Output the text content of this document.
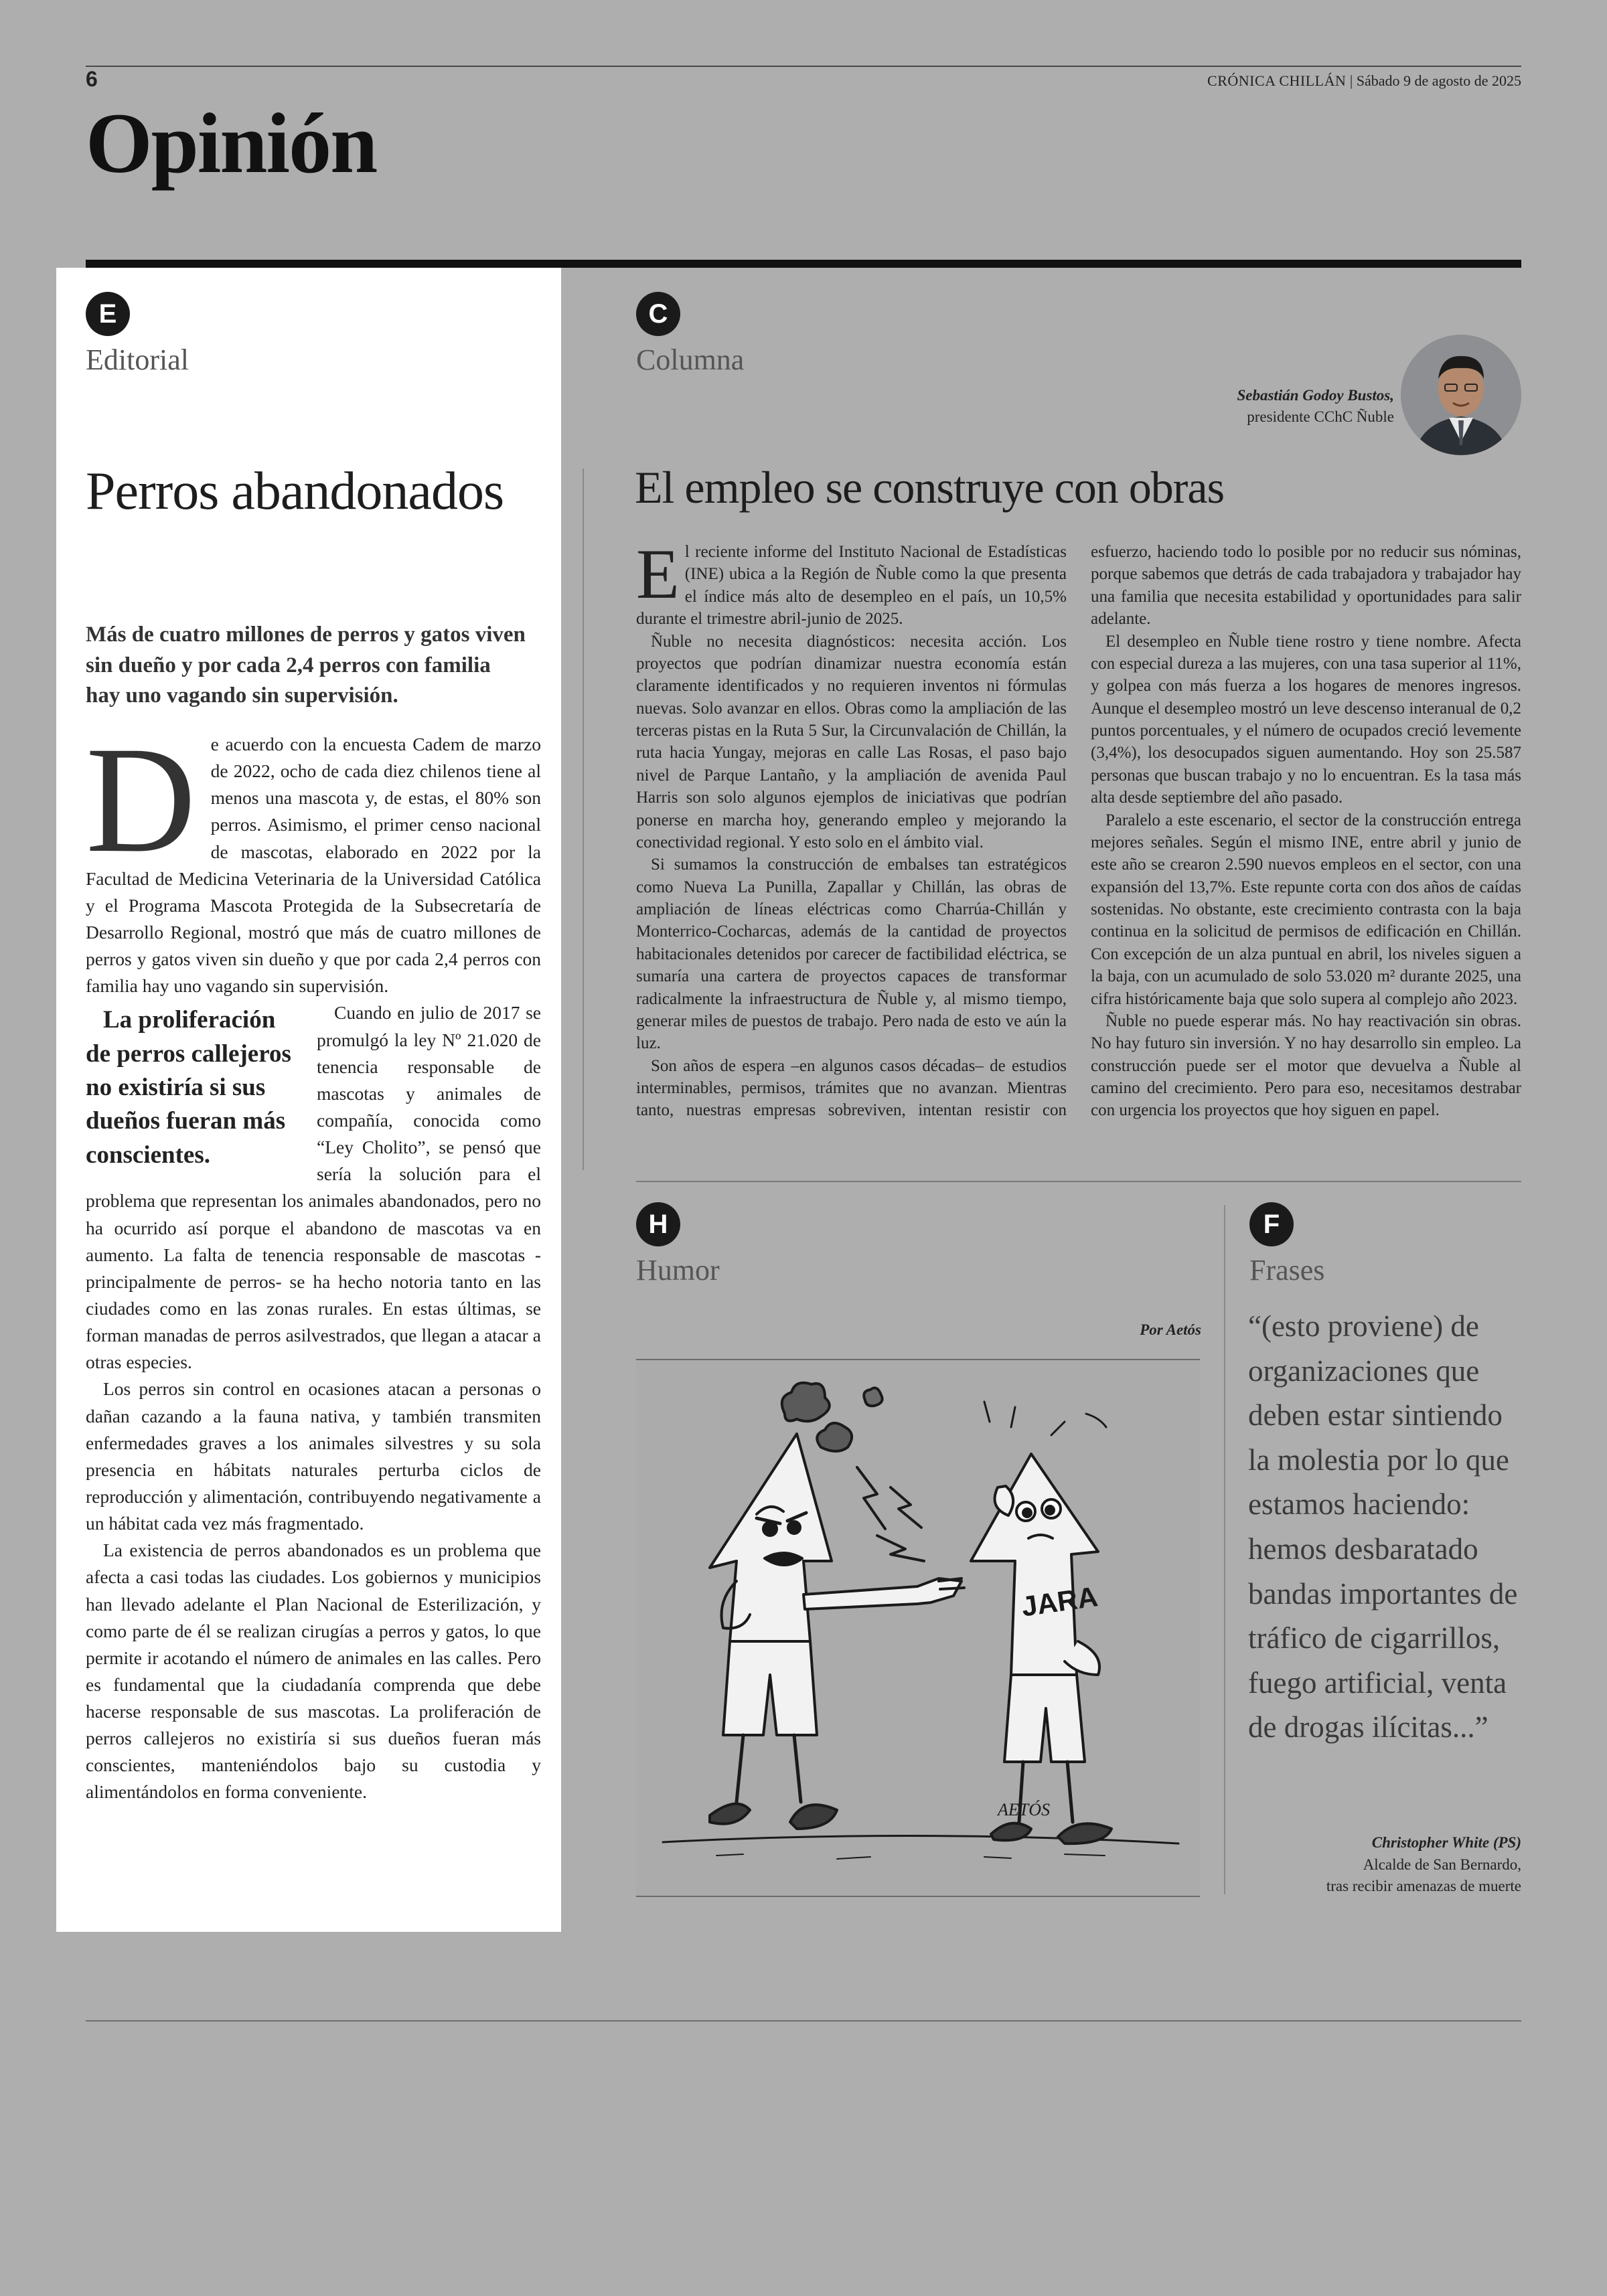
6	CRÓNICA CHILLÁN | Sábado 9 de agosto de 2025
Opinión
E
Editorial
Perros abandonados
Más de cuatro millones de perros y gatos viven sin dueño y por cada 2,4 perros con familia hay uno vagando sin supervisión.

De acuerdo con la encuesta Cadem de marzo de 2022, ocho de cada diez chilenos tiene al menos una mascota y, de estas, el 80% son perros. Asimismo, el primer censo nacional de mascotas, elaborado en 2022 por la Facultad de Medicina Veterinaria de la Universidad Católica y el Programa Mascota Protegida de la Subsecretaría de Desarrollo Regional, mostró que más de cuatro millones de perros y gatos viven sin dueño y que por cada 2,4 perros con familia hay uno vagando sin supervisión.

La proliferación de perros callejeros no existiría si sus dueños fueran más conscientes.
Cuando en julio de 2017 se promulgó la ley Nº 21.020 de tenencia responsable de mascotas y animales de compañía, conocida como “Ley Cholito”, se pensó que sería la solución para el problema que representan los animales abandonados, pero no ha ocurrido así porque el abandono de mascotas va en aumento. La falta de tenencia responsable de mascotas -principalmente de perros- se ha hecho notoria tanto en las ciudades como en las zonas rurales. En estas últimas, se forman manadas de perros asilvestrados, que llegan a atacar a otras especies.

Los perros sin control en ocasiones atacan a personas o dañan cazando a la fauna nativa, y también transmiten enfermedades graves a los animales silvestres y su sola presencia en hábitats naturales perturba ciclos de reproducción y alimentación, contribuyendo negativamente a un hábitat cada vez más fragmentado.

La existencia de perros abandonados es un problema que afecta a casi todas las ciudades. Los gobiernos y municipios han llevado adelante el Plan Nacional de Esterilización, y como parte de él se realizan cirugías a perros y gatos, lo que permite ir acotando el número de animales en las calles. Pero es fundamental que la ciudadanía comprenda que debe hacerse responsable de sus mascotas. La proliferación de perros callejeros no existiría si sus dueños fueran más conscientes, manteniéndolos bajo su custodia y alimentándolos en forma conveniente.

C
Columna
Sebastián Godoy Bustos,
presidente CChC Ñuble
El empleo se construye con obras

El reciente informe del Instituto Nacional de Estadísticas (INE) ubica a la Región de Ñuble como la que presenta el índice más alto de desempleo en el país, un 10,5% durante el trimestre abril-junio de 2025.

Ñuble no necesita diagnósticos: necesita acción. Los proyectos que podrían dinamizar nuestra economía están claramente identificados y no requieren inventos ni fórmulas nuevas. Solo avanzar en ellos. Obras como la ampliación de las terceras pistas en la Ruta 5 Sur, la Circunvalación de Chillán, la ruta hacia Yungay, mejoras en calle Las Rosas, el paso bajo nivel de Parque Lantaño, y la ampliación de avenida Paul Harris son solo algunos ejemplos de iniciativas que podrían ponerse en marcha hoy, generando empleo y mejorando la conectividad regional. Y esto solo en el ámbito vial.

Si sumamos la construcción de embalses tan estratégicos como Nueva La Punilla, Zapallar y Chillán, las obras de ampliación de líneas eléctricas como Charrúa-Chillán y Monterrico-Cocharcas, además de la cantidad de proyectos habitacionales detenidos por carecer de factibilidad eléctrica, se sumaría una cartera de proyectos capaces de transformar radicalmente la infraestructura de Ñuble y, al mismo tiempo, generar miles de puestos de trabajo. Pero nada de esto ve aún la luz.

Son años de espera –en algunos casos décadas– de estudios interminables, permisos, trámites que no avanzan. Mientras tanto, nuestras empresas sobreviven, intentan resistir con esfuerzo, haciendo todo lo posible por no reducir sus nóminas, porque sabemos que detrás de cada trabajadora y trabajador hay una familia que necesita estabilidad y oportunidades para salir adelante.

El desempleo en Ñuble tiene rostro y tiene nombre. Afecta con especial dureza a las mujeres, con una tasa superior al 11%, y golpea con más fuerza a los hogares de menores ingresos. Aunque el desempleo mostró un leve descenso interanual de 0,2 puntos porcentuales, y el número de ocupados creció levemente (3,4%), los desocupados siguen aumentando. Hoy son 25.587 personas que buscan trabajo y no lo encuentran. Es la tasa más alta desde septiembre del año pasado.

Paralelo a este escenario, el sector de la construcción entrega mejores señales. Según el mismo INE, entre abril y junio de este año se crearon 2.590 nuevos empleos en el sector, con una expansión del 13,7%. Este repunte corta con dos años de caídas sostenidas. No obstante, este crecimiento contrasta con la baja continua en la solicitud de permisos de edificación en Chillán. Con excepción de un alza puntual en abril, los niveles siguen a la baja, con un acumulado de solo 53.020 m² durante 2025, una cifra históricamente baja que solo supera al complejo año 2023.

Ñuble no puede esperar más. No hay reactivación sin obras. No hay futuro sin inversión. Y no hay desarrollo sin empleo. La construcción puede ser el motor que devuelva a Ñuble al camino del crecimiento. Pero para eso, necesitamos destrabar con urgencia los proyectos que hoy siguen en papel.

H
Humor
Por Aetós
JARA
AETÓS
F
Frases
“(esto proviene) de organizaciones que deben estar sintiendo la molestia por lo que estamos haciendo: hemos desbaratado bandas importantes de tráfico de cigarrillos, fuego artificial, venta de drogas ilícitas...”
Christopher White (PS)
Alcalde de San Bernardo,
tras recibir amenazas de muerte
